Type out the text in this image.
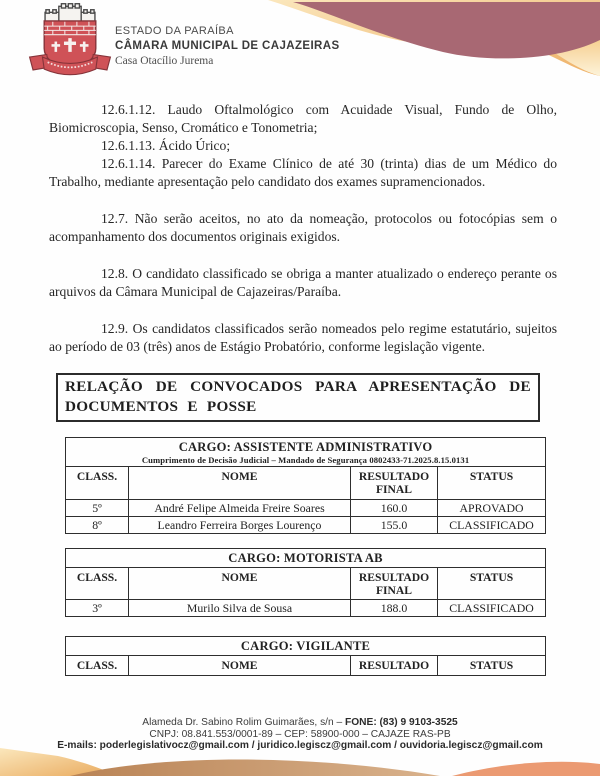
ESTADO DA PARAÍBA
CÂMARA MUNICIPAL DE CAJAZEIRAS
Casa Otacílio Jurema

12.6.1.12. Laudo Oftalmológico com Acuidade Visual, Fundo de Olho, Biomicroscopia, Senso, Cromático e Tonometria;

12.6.1.13. Ácido Úrico;

12.6.1.14. Parecer do Exame Clínico de até 30 (trinta) dias de um Médico do Trabalho, mediante apresentação pelo candidato dos exames supramencionados.

12.7. Não serão aceitos, no ato da nomeação, protocolos ou fotocópias sem o acompanhamento dos documentos originais exigidos.

12.8. O candidato classificado se obriga a manter atualizado o endereço perante os arquivos da Câmara Municipal de Cajazeiras/Paraíba.

12.9. Os candidatos classificados serão nomeados pelo regime estatutário, sujeitos ao período de 03 (três) anos de Estágio Probatório, conforme legislação vigente.

RELAÇÃO DE CONVOCADOS PARA APRESENTAÇÃO DE DOCUMENTOS E POSSE
CARGO: ASSISTENTE ADMINISTRATIVO
Cumprimento de Decisão Judicial – Mandado de Segurança 0802433-71.2025.8.15.0131			

CLASS.	NOME	RESULTADO FINAL	STATUS
5º	André Felipe Almeida Freire Soares	160.0	APROVADO
8º	Leandro Ferreira Borges Lourenço	155.0	CLASSIFICADO
CARGO: MOTORISTA AB			

CLASS.	NOME	RESULTADO FINAL	STATUS
3º	Murilo Silva de Sousa	188.0	CLASSIFICADO
CARGO: VIGILANTE

CLASS.	NOME	RESULTADO	STATUS
Alameda Dr. Sabino Rolim Guimarães, s/n – FONE: (83) 9 9103-3525
CNPJ: 08.841.553/0001-89 – CEP: 58900-000 – CAJAZE RAS-PB
E-mails: poderlegislativocz@gmail.com / juridico.legiscz@gmail.com / ouvidoria.legiscz@gmail.com
